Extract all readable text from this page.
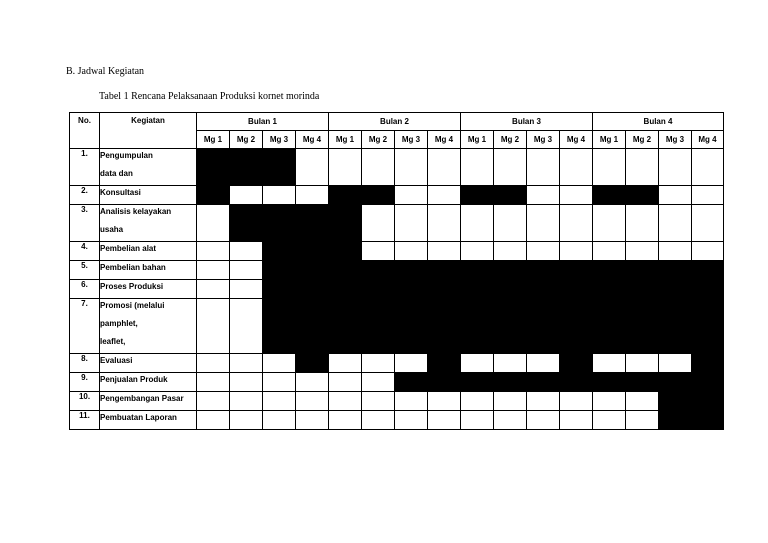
B. Jadwal Kegiatan
Tabel 1 Rencana Pelaksanaan Produksi kornet morinda
No.	Kegiatan	Bulan 1				Bulan 2				Bulan 3				Bulan 4			
		Mg 1	Mg 2	Mg 3	Mg 4	Mg 1	Mg 2	Mg 3	Mg 4	Mg 1	Mg 2	Mg 3	Mg 4	Mg 1	Mg 2	Mg 3	Mg 4
1.	Pengumpulan
data dan																

2.	Konsultasi																

3.	Analisis kelayakan
usaha																

4.	Pembelian alat																

5.	Pembelian bahan																

6.	Proses Produksi																

7.	Promosi (melalui
pamphlet,
leaflet,																

8.	Evaluasi																

9.	Penjualan Produk																

10.	Pengembangan Pasar																

11.	Pembuatan Laporan																
